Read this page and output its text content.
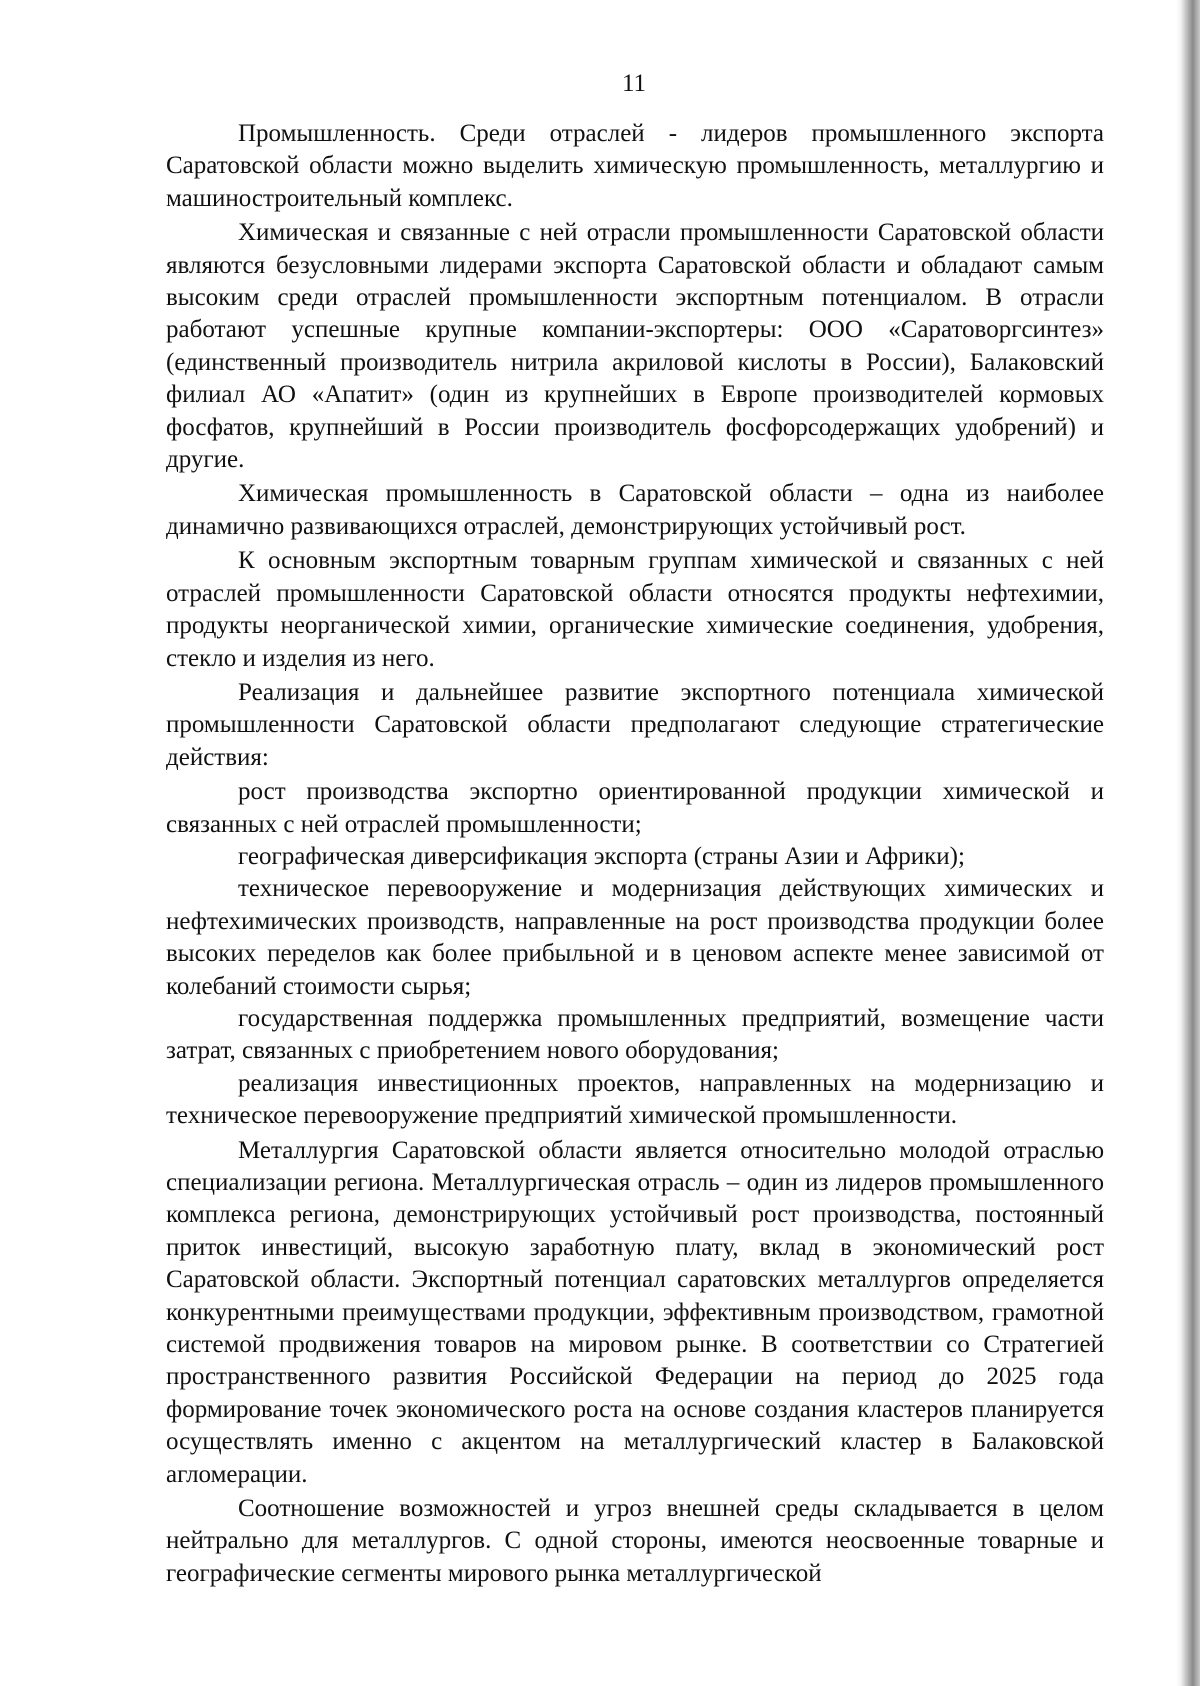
11

Промышленность. Среди отраслей - лидеров промышленного экспорта Саратовской области можно выделить химическую промышленность, металлургию и машиностроительный комплекс.

Химическая и связанные с ней отрасли промышленности Саратовской области являются безусловными лидерами экспорта Саратовской области и обладают самым высоким среди отраслей промышленности экспортным потенциалом. В отрасли работают успешные крупные компании-экспортеры: ООО «Саратоворгсинтез» (единственный производитель нитрила акриловой кислоты в России), Балаковский филиал АО «Апатит» (один из крупнейших в Европе производителей кормовых фосфатов, крупнейший в России производитель фосфорсодержащих удобрений) и другие.

Химическая промышленность в Саратовской области – одна из наиболее динамично развивающихся отраслей, демонстрирующих устойчивый рост.

К основным экспортным товарным группам химической и связанных с ней отраслей промышленности Саратовской области относятся продукты нефтехимии, продукты неорганической химии, органические химические соединения, удобрения, стекло и изделия из него.

Реализация и дальнейшее развитие экспортного потенциала химической промышленности Саратовской области предполагают следующие стратегические действия:

рост производства экспортно ориентированной продукции химической и связанных с ней отраслей промышленности;

географическая диверсификация экспорта (страны Азии и Африки);

техническое перевооружение и модернизация действующих химических и нефтехимических производств, направленные на рост производства продукции более высоких переделов как более прибыльной и в ценовом аспекте менее зависимой от колебаний стоимости сырья;

государственная поддержка промышленных предприятий, возмещение части затрат, связанных с приобретением нового оборудования;

реализация инвестиционных проектов, направленных на модернизацию и техническое перевооружение предприятий химической промышленности.

Металлургия Саратовской области является относительно молодой отраслью специализации региона. Металлургическая отрасль – один из лидеров промышленного комплекса региона, демонстрирующих устойчивый рост производства, постоянный приток инвестиций, высокую заработную плату, вклад в экономический рост Саратовской области. Экспортный потенциал саратовских металлургов определяется конкурентными преимуществами продукции, эффективным производством, грамотной системой продвижения товаров на мировом рынке. В соответствии со Стратегией пространственного развития Российской Федерации на период до 2025 года формирование точек экономического роста на основе создания кластеров планируется осуществлять именно с акцентом на металлургический кластер в Балаковской агломерации.

Соотношение возможностей и угроз внешней среды складывается в целом нейтрально для металлургов. С одной стороны, имеются неосвоенные товарные и географические сегменты мирового рынка металлургической
